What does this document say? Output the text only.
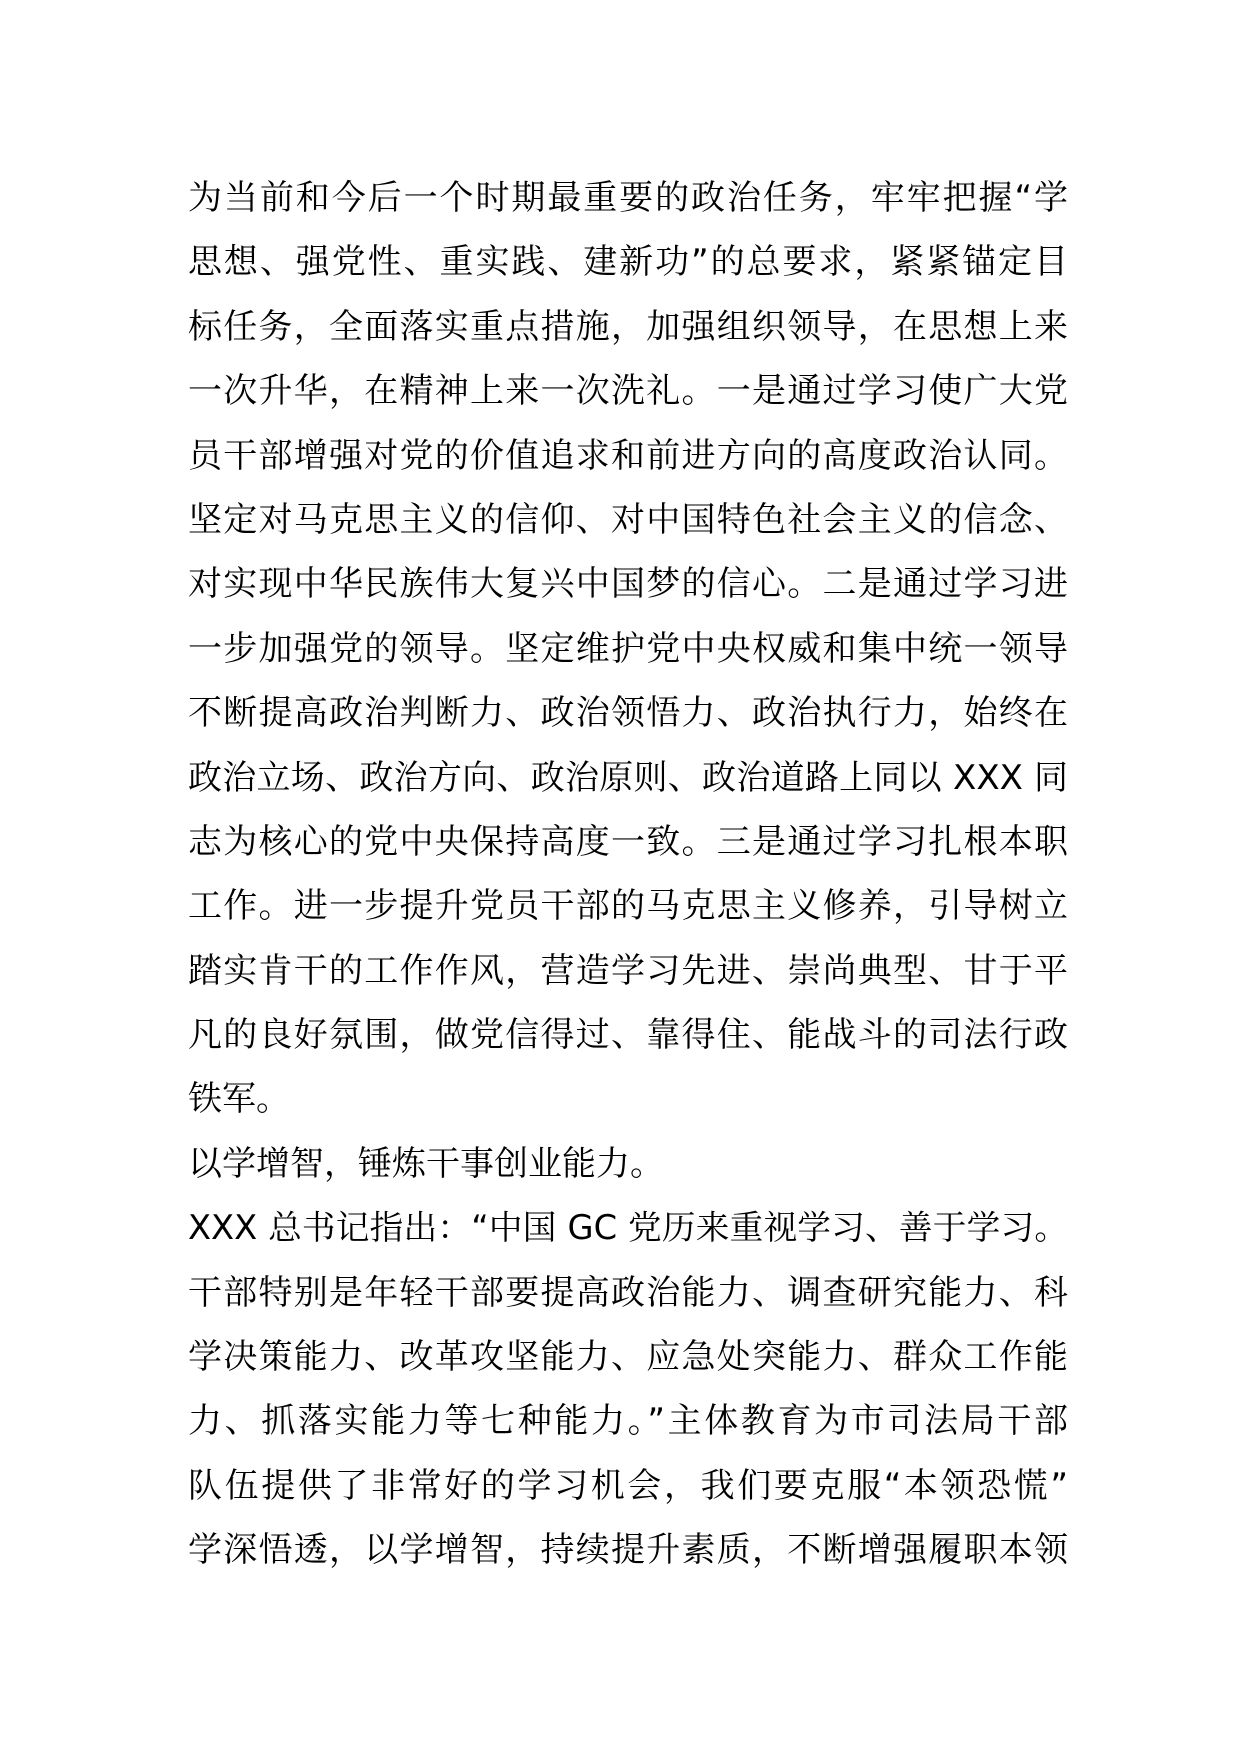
为当前和今后一个时期最重要的政治任务，牢牢把握“学
思想、强党性、重实践、建新功”的总要求，紧紧锚定目
标任务，全面落实重点措施，加强组织领导，在思想上来
一次升华，在精神上来一次洗礼。一是通过学习使广大党
员干部增强对党的价值追求和前进方向的高度政治认同。
坚定对马克思主义的信仰、对中国特色社会主义的信念、
对实现中华民族伟大复兴中国梦的信心。二是通过学习进
一步加强党的领导。坚定维护党中央权威和集中统一领导
不断提高政治判断力、政治领悟力、政治执行力，始终在
政治立场、政治方向、政治原则、政治道路上同以 XXX 同
志为核心的党中央保持高度一致。三是通过学习扎根本职
工作。进一步提升党员干部的马克思主义修养，引导树立
踏实肯干的工作作风，营造学习先进、崇尚典型、甘于平
凡的良好氛围，做党信得过、靠得住、能战斗的司法行政
铁军。
以学增智，锤炼干事创业能力。
XXX 总书记指出：“中国 GC 党历来重视学习、善于学习。
干部特别是年轻干部要提高政治能力、调查研究能力、科
学决策能力、改革攻坚能力、应急处突能力、群众工作能
力、抓落实能力等七种能力。”主体教育为市司法局干部
队伍提供了非常好的学习机会，我们要克服“本领恐慌”
学深悟透，以学增智，持续提升素质，不断增强履职本领
